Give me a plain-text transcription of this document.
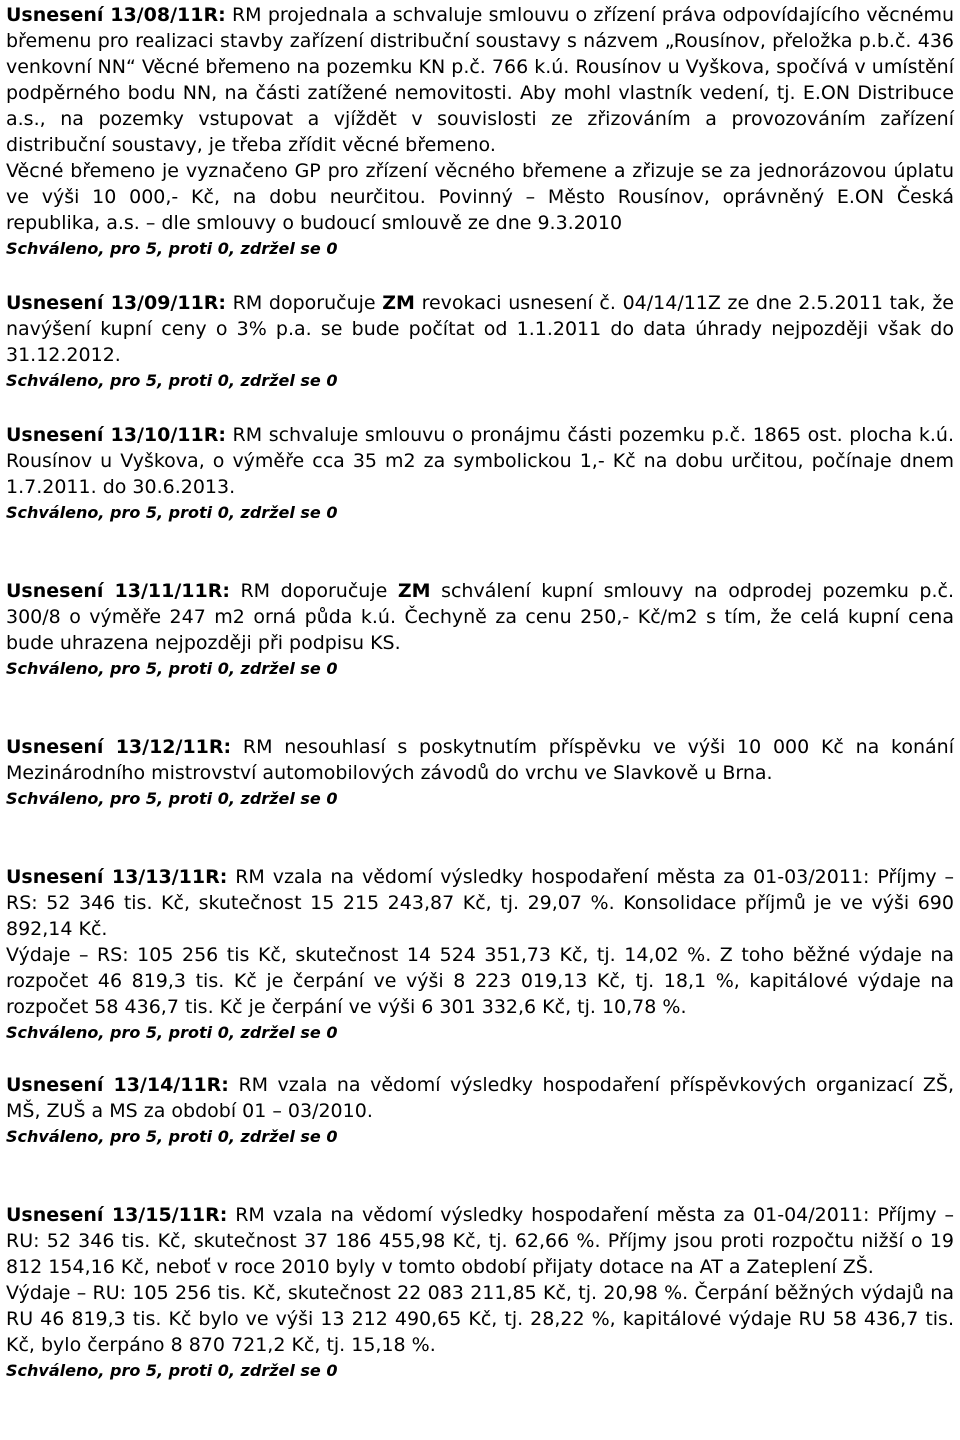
Usnesení 13/08/11R: RM projednala a schvaluje smlouvu o zřízení práva odpovídajícího věcnému břemenu pro realizaci stavby zařízení distribuční soustavy s názvem „Rousínov, přeložka p.b.č. 436 venkovní NN“ Věcné břemeno na pozemku KN p.č. 766 k.ú. Rousínov u Vyškova, spočívá v umístění podpěrného bodu NN, na části zatížené nemovitosti. Aby mohl vlastník vedení, tj. E.ON Distribuce a.s., na pozemky vstupovat a vjíždět v souvislosti ze zřizováním a provozováním zařízení distribuční soustavy, je třeba zřídit věcné břemeno.

Věcné břemeno je vyznačeno GP pro zřízení věcného břemene a zřizuje se za jednorázovou úplatu ve výši 10 000,- Kč, na dobu neurčitou. Povinný – Město Rousínov, oprávněný E.ON Česká republika, a.s. – dle smlouvy o budoucí smlouvě ze dne 9.3.2010

Schváleno, pro 5, proti 0, zdržel se 0

Usnesení 13/09/11R: RM doporučuje ZM revokaci usnesení č. 04/14/11Z ze dne 2.5.2011 tak, že navýšení kupní ceny o 3% p.a. se bude počítat od 1.1.2011 do data úhrady nejpozději však do 31.12.2012.

Schváleno, pro 5, proti 0, zdržel se 0

Usnesení 13/10/11R: RM schvaluje smlouvu o pronájmu části pozemku p.č. 1865 ost. plocha k.ú. Rousínov u Vyškova, o výměře cca 35 m2 za symbolickou 1,- Kč na dobu určitou, počínaje dnem 1.7.2011. do 30.6.2013.

Schváleno, pro 5, proti 0, zdržel se 0

Usnesení 13/11/11R: RM doporučuje ZM schválení kupní smlouvy na odprodej pozemku p.č. 300/8 o výměře 247 m2 orná půda k.ú. Čechyně za cenu 250,- Kč/m2 s tím, že celá kupní cena bude uhrazena nejpozději při podpisu KS.

Schváleno, pro 5, proti 0, zdržel se 0

Usnesení 13/12/11R: RM nesouhlasí s poskytnutím příspěvku ve výši 10 000 Kč na konání Mezinárodního mistrovství automobilových závodů do vrchu ve Slavkově u Brna.

Schváleno, pro 5, proti 0, zdržel se 0

Usnesení 13/13/11R: RM vzala na vědomí výsledky hospodaření města za 01-03/2011: Příjmy – RS: 52 346 tis. Kč, skutečnost 15 215 243,87 Kč, tj. 29,07 %. Konsolidace příjmů je ve výši 690 892,14 Kč.

Výdaje – RS: 105 256 tis Kč, skutečnost 14 524 351,73 Kč, tj. 14,02 %. Z toho běžné výdaje na rozpočet 46 819,3 tis. Kč je čerpání ve výši 8 223 019,13 Kč, tj. 18,1 %, kapitálové výdaje na rozpočet 58 436,7 tis. Kč je čerpání ve výši 6 301 332,6 Kč, tj. 10,78 %.

Schváleno, pro 5, proti 0, zdržel se 0

Usnesení 13/14/11R: RM vzala na vědomí výsledky hospodaření příspěvkových organizací ZŠ, MŠ, ZUŠ a MS za období 01 – 03/2010.

Schváleno, pro 5, proti 0, zdržel se 0

Usnesení 13/15/11R: RM vzala na vědomí výsledky hospodaření města za 01-04/2011: Příjmy – RU: 52 346 tis. Kč, skutečnost 37 186 455,98 Kč, tj. 62,66 %. Příjmy jsou proti rozpočtu nižší o 19 812 154,16 Kč, neboť v roce 2010 byly v tomto období přijaty dotace na AT a Zateplení ZŠ.

Výdaje – RU: 105 256 tis. Kč, skutečnost 22 083 211,85 Kč, tj. 20,98 %. Čerpání běžných výdajů na RU 46 819,3 tis. Kč bylo ve výši 13 212 490,65 Kč, tj. 28,22 %, kapitálové výdaje RU 58 436,7 tis. Kč, bylo čerpáno 8 870 721,2 Kč, tj. 15,18 %.

Schváleno, pro 5, proti 0, zdržel se 0
